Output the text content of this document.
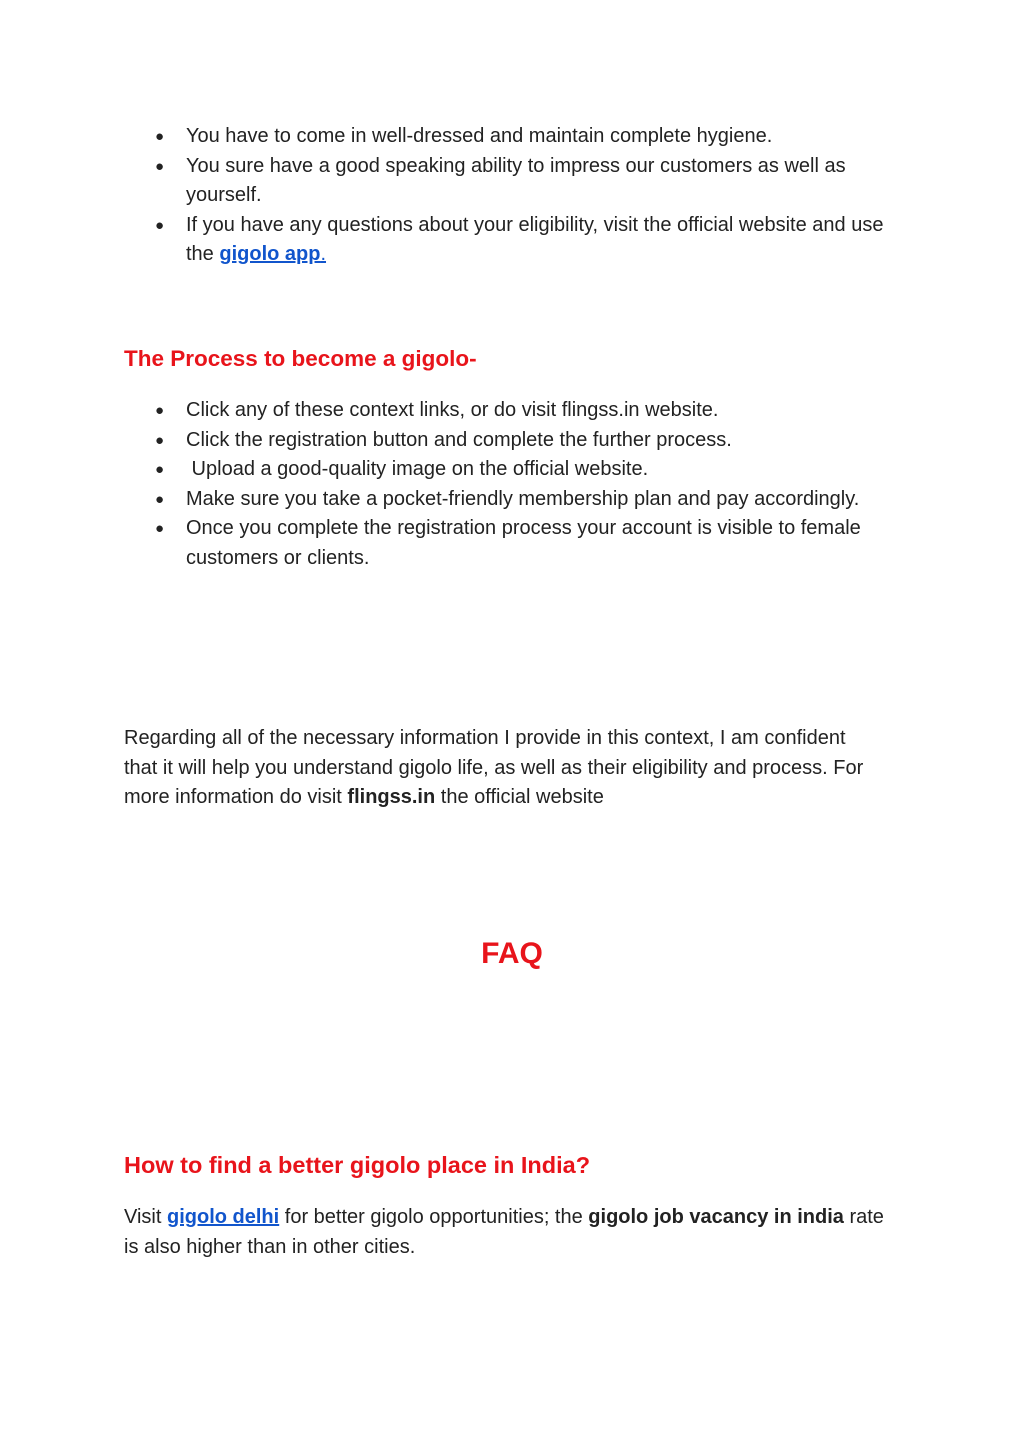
● You have to come in well-dressed and maintain complete hygiene.
● You sure have a good speaking ability to impress our customers as well as yourself.
● If you have any questions about your eligibility, visit the official website and use the gigolo app.
The Process to become a gigolo-
● Click any of these context links, or do visit flingss.in website.
● Click the registration button and complete the further process.
● Upload a good-quality image on the official website.
● Make sure you take a pocket-friendly membership plan and pay accordingly.
● Once you complete the registration process your account is visible to female customers or clients.

Regarding all of the necessary information I provide in this context, I am confident that it will help you understand gigolo life, as well as their eligibility and process. For more information do visit flingss.in the official website

FAQ
How to find a better gigolo place in India?

Visit gigolo delhi for better gigolo opportunities; the gigolo job vacancy in india rate is also higher than in other cities.
